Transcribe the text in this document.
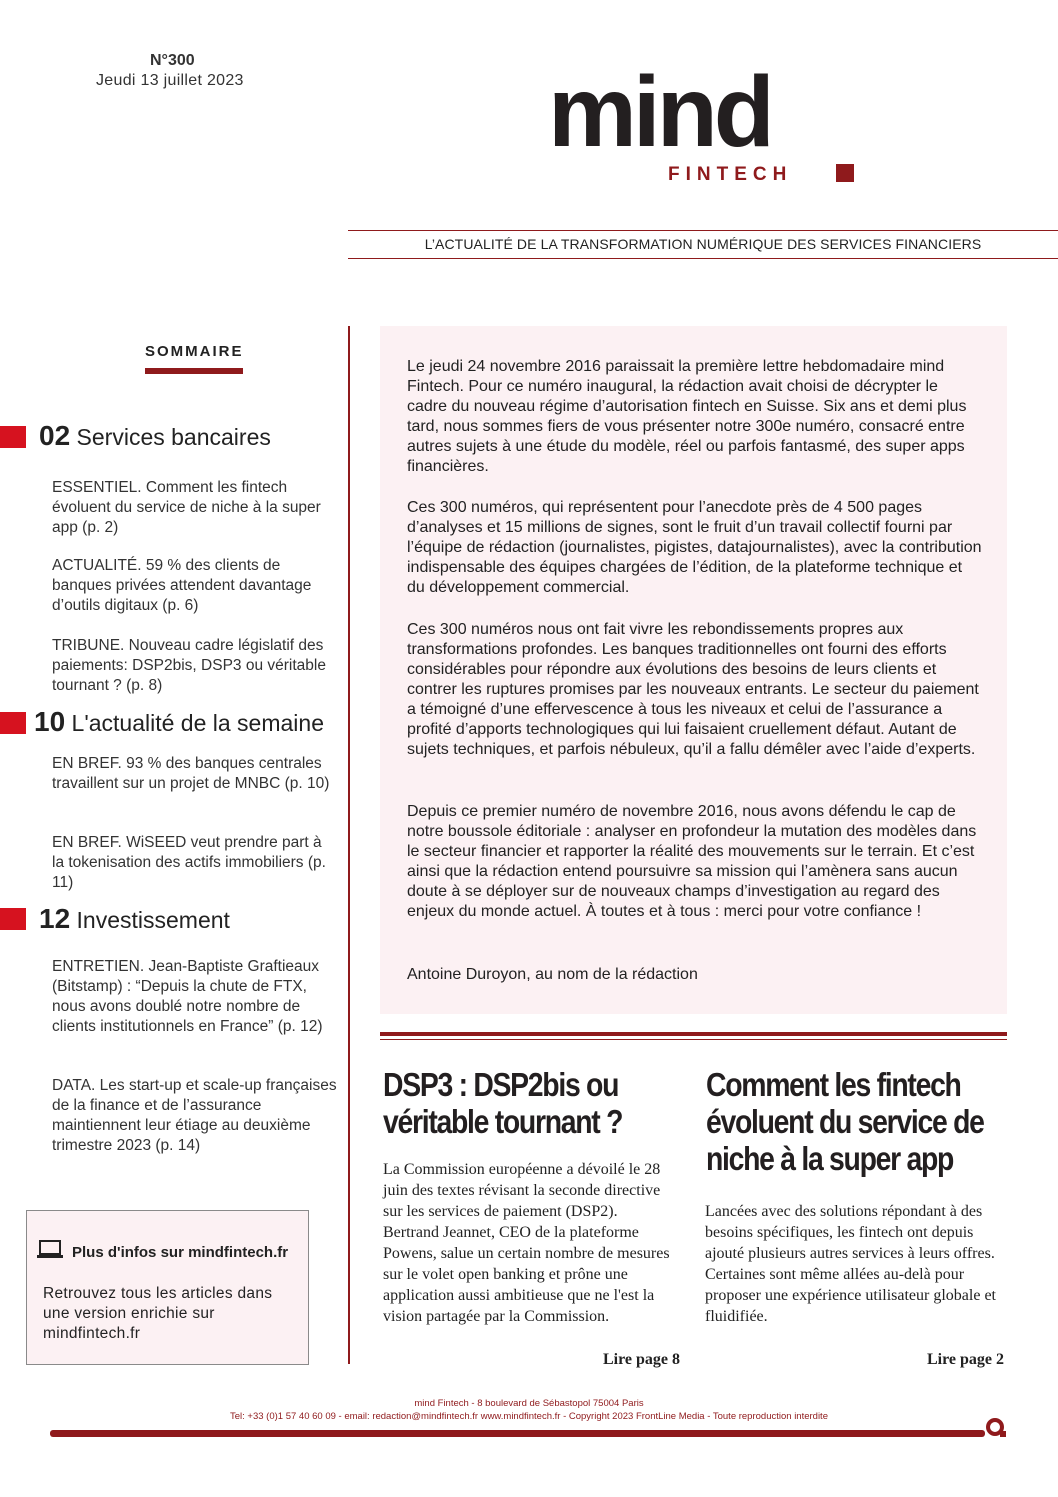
N°300
Jeudi 13 juillet 2023	mind
FINTECH
L’ACTUALITÉ DE LA TRANSFORMATION NUMÉRIQUE DES SERVICES FINANCIERS
SOMMAIRE
02 Services bancaires
ESSENTIEL. Comment les fintech évoluent du service de niche à la super app (p. 2)
ACTUALITÉ. 59 % des clients de banques privées attendent davantage d’outils digitaux (p. 6)
TRIBUNE. Nouveau cadre législatif des paiements: DSP2bis, DSP3 ou véritable tournant ? (p. 8)
10 L'actualité de la semaine
EN BREF. 93 % des banques centrales travaillent sur un projet de MNBC (p. 10)
EN BREF. WiSEED veut prendre part à la tokenisation des actifs immobiliers (p. 11)
12 Investissement
ENTRETIEN. Jean-Baptiste Graftieaux (Bitstamp) : “Depuis la chute de FTX, nous avons doublé notre nombre de clients institutionnels en France” (p. 12)
DATA. Les start-up et scale-up françaises de la finance et de l’assurance maintiennent leur étiage au deuxième trimestre 2023 (p. 14)
Plus d'infos sur mindfintech.fr
Retrouvez tous les articles dans une version enrichie sur mindfintech.fr

Le jeudi 24 novembre 2016 paraissait la première lettre hebdomadaire mind Fintech. Pour ce numéro inaugural, la rédaction avait choisi de décrypter le cadre du nouveau régime d’autorisation fintech en Suisse. Six ans et demi plus tard, nous sommes fiers de vous présenter notre 300e numéro, consacré entre autres sujets à une étude du modèle, réel ou parfois fantasmé, des super apps financières.

Ces 300 numéros, qui représentent pour l’anecdote près de 4 500 pages d’analyses et 15 millions de signes, sont le fruit d’un travail collectif fourni par l’équipe de rédaction (journalistes, pigistes, datajournalistes), avec la contribution indispensable des équipes chargées de l’édition, de la plateforme technique et du développement commercial.

Ces 300 numéros nous ont fait vivre les rebondissements propres aux transformations profondes. Les banques traditionnelles ont fourni des efforts considérables pour répondre aux évolutions des besoins de leurs clients et contrer les ruptures promises par les nouveaux entrants. Le secteur du paiement a témoigné d’une effervescence à tous les niveaux et celui de l’assurance a profité d’apports technologiques qui lui faisaient cruellement défaut. Autant de sujets techniques, et parfois nébuleux, qu’il a fallu démêler avec l’aide d’experts.

Depuis ce premier numéro de novembre 2016, nous avons défendu le cap de notre boussole éditoriale : analyser en profondeur la mutation des modèles dans le secteur financier et rapporter la réalité des mouvements sur le terrain. Et c’est ainsi que la rédaction entend poursuivre sa mission qui l’amènera sans aucun doute à se déployer sur de nouveaux champs d’investigation au regard des enjeux du monde actuel. À toutes et à tous : merci pour votre confiance !

Antoine Duroyon, au nom de la rédaction

DSP3 : DSP2bis ou véritable tournant ?
La Commission européenne a dévoilé le 28 juin des textes révisant la seconde directive sur les services de paiement (DSP2). Bertrand Jeannet, CEO de la plateforme Powens, salue un certain nombre de mesures sur le volet open banking et prône une application aussi ambitieuse que ne l'est la vision partagée par la Commission.
Lire page 8
Comment les fintech évoluent du service de niche à la super app
Lancées avec des solutions répondant à des besoins spécifiques, les fintech ont depuis ajouté plusieurs autres services à leurs offres. Certaines sont même allées au-delà pour proposer une expérience utilisateur globale et fluidifiée.
Lire page 2
mind Fintech - 8 boulevard de Sébastopol 75004 Paris
Tel: +33 (0)1 57 40 60 09 - email: redaction@mindfintech.fr www.mindfintech.fr - Copyright 2023 FrontLine Media - Toute reproduction interdite
